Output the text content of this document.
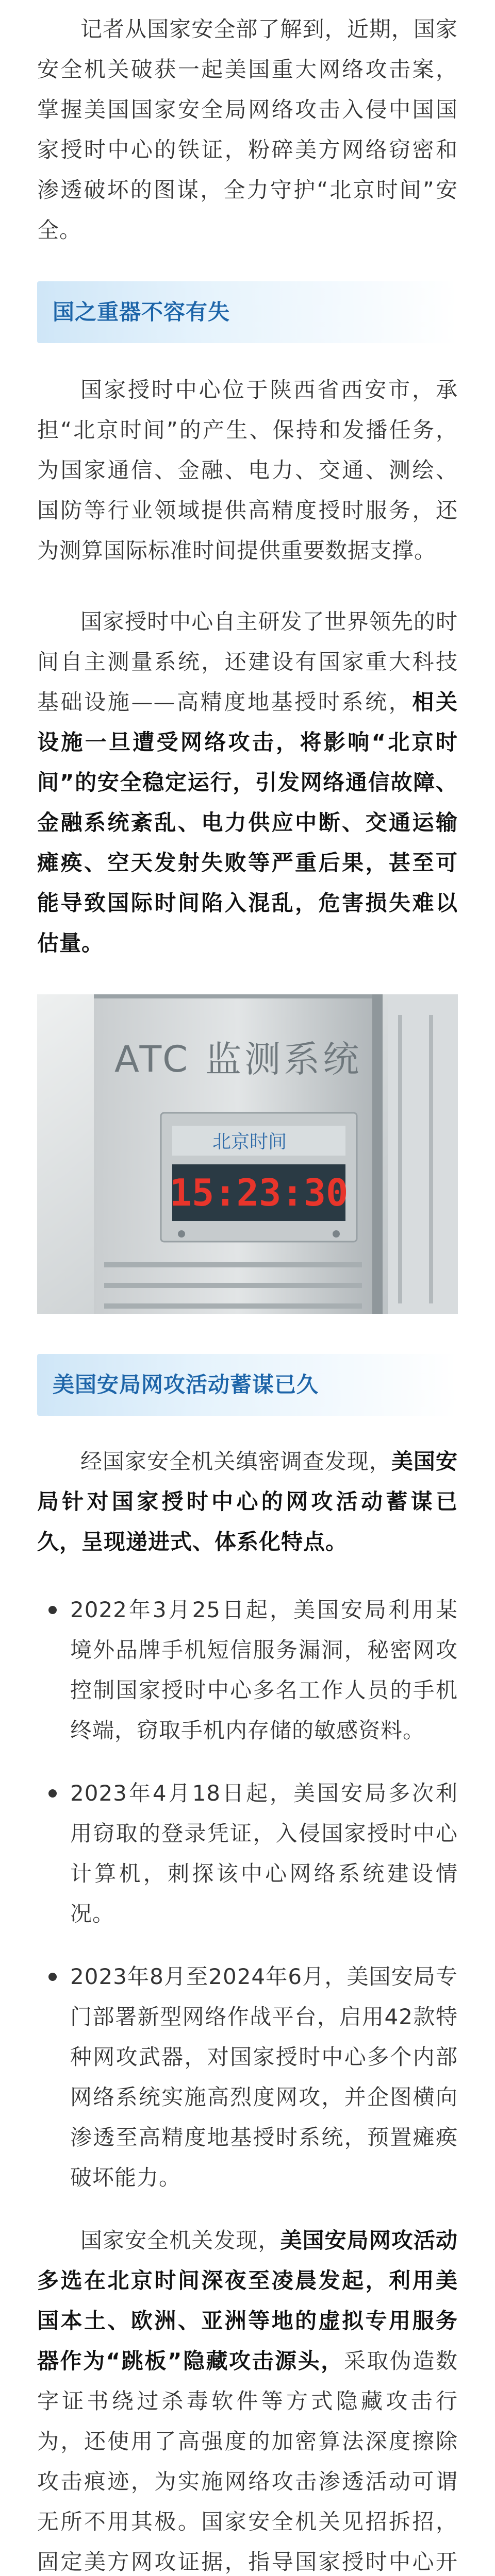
记者从国家安全部了解到，近期，国家安全机关破获一起美国重大网络攻击案，掌握美国国家安全局网络攻击入侵中国国家授时中心的铁证，粉碎美方网络窃密和渗透破坏的图谋，全力守护“北京时间”安全。

国之重器不容有失

国家授时中心位于陕西省西安市，承担“北京时间”的产生、保持和发播任务，为国家通信、金融、电力、交通、测绘、国防等行业领域提供高精度授时服务，还为测算国际标准时间提供重要数据支撑。

国家授时中心自主研发了世界领先的时间自主测量系统，还建设有国家重大科技基础设施——高精度地基授时系统，相关设施一旦遭受网络攻击，将影响“北京时间”的安全稳定运行，引发网络通信故障、金融系统紊乱、电力供应中断、交通运输瘫痪、空天发射失败等严重后果，甚至可能导致国际时间陷入混乱，危害损失难以估量。

ATC 监测系统
北京时间
15:23:30
美国安局网攻活动蓄谋已久

经国家安全机关缜密调查发现，美国安局针对国家授时中心的网攻活动蓄谋已久，呈现递进式、体系化特点。

2022年3月25日起，美国安局利用某境外品牌手机短信服务漏洞，秘密网攻控制国家授时中心多名工作人员的手机终端，窃取手机内存储的敏感资料。
2023年4月18日起，美国安局多次利用窃取的登录凭证，入侵国家授时中心计算机，刺探该中心网络系统建设情况。
2023年8月至2024年6月，美国安局专门部署新型网络作战平台，启用42款特种网攻武器，对国家授时中心多个内部网络系统实施高烈度网攻，并企图横向渗透至高精度地基授时系统，预置瘫痪破坏能力。

国家安全机关发现，美国安局网攻活动多选在北京时间深夜至凌晨发起，利用美国本土、欧洲、亚洲等地的虚拟专用服务器作为“跳板”隐藏攻击源头，采取伪造数字证书绕过杀毒软件等方式隐藏攻击行为，还使用了高强度的加密算法深度擦除攻击痕迹，为实施网络攻击渗透活动可谓无所不用其极。国家安全机关见招拆招，固定美方网攻证据，指导国家授时中心开
